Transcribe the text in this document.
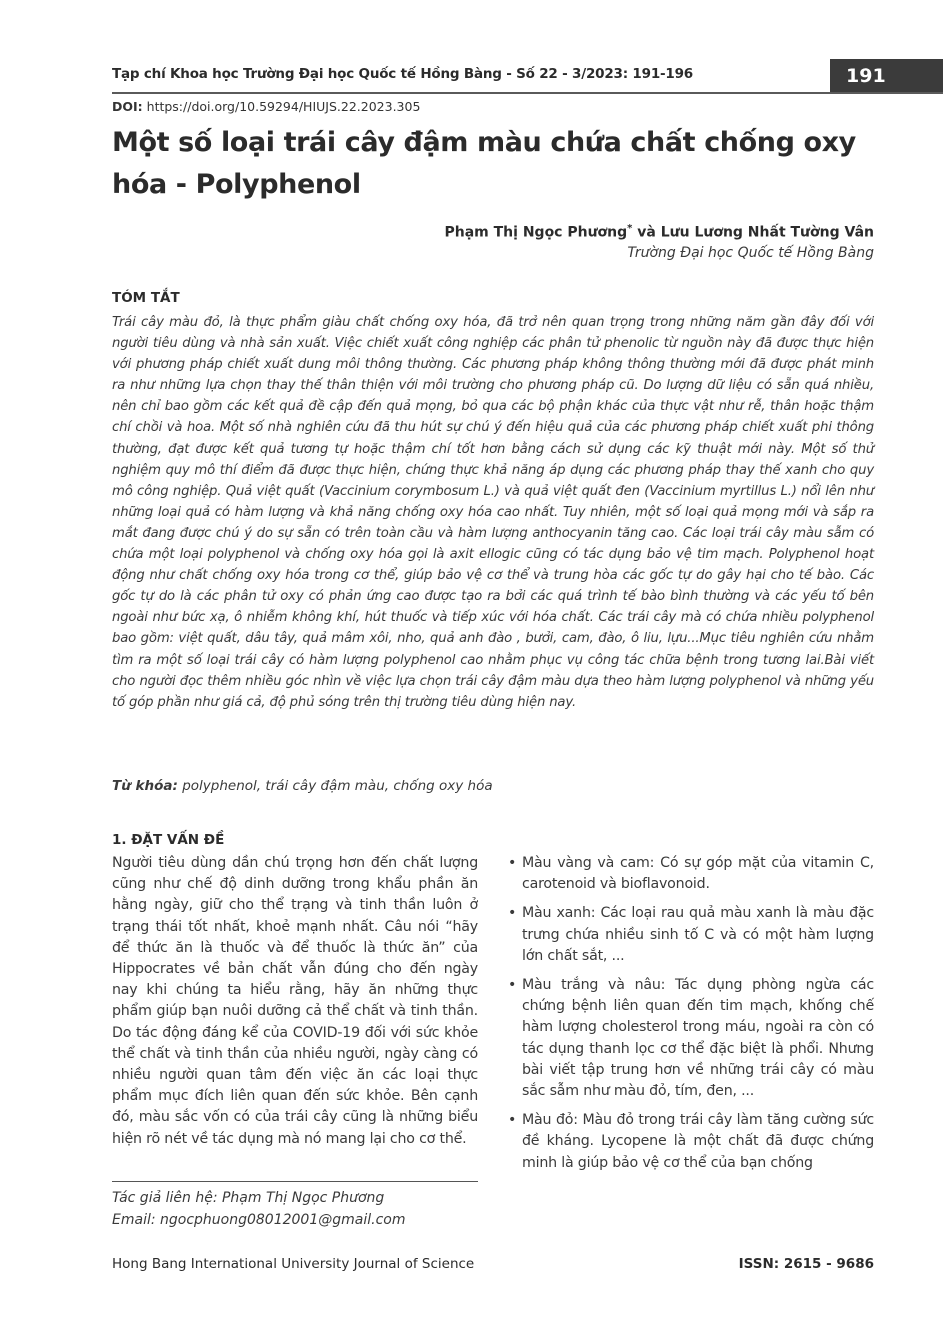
Tạp chí Khoa học Trường Đại học Quốc tế Hồng Bàng - Số 22 - 3/2023: 191-196	191
DOI: https://doi.org/10.59294/HIUJS.22.2023.305
Một số loại trái cây đậm màu chứa chất chống oxy hóa - Polyphenol
Phạm Thị Ngọc Phương* và Lưu Lương Nhất Tường Vân
Trường Đại học Quốc tế Hồng Bàng
TÓM TẮT
Trái cây màu đỏ, là thực phẩm giàu chất chống oxy hóa, đã trở nên quan trọng trong những năm gần đây đối với người tiêu dùng và nhà sản xuất. Việc chiết xuất công nghiệp các phân tử phenolic từ nguồn này đã được thực hiện với phương pháp chiết xuất dung môi thông thường. Các phương pháp không thông thường mới đã được phát minh ra như những lựa chọn thay thế thân thiện với môi trường cho phương pháp cũ. Do lượng dữ liệu có sẵn quá nhiều, nên chỉ bao gồm các kết quả đề cập đến quả mọng, bỏ qua các bộ phận khác của thực vật như rễ, thân hoặc thậm chí chồi và hoa. Một số nhà nghiên cứu đã thu hút sự chú ý đến hiệu quả của các phương pháp chiết xuất phi thông thường, đạt được kết quả tương tự hoặc thậm chí tốt hơn bằng cách sử dụng các kỹ thuật mới này. Một số thử nghiệm quy mô thí điểm đã được thực hiện, chứng thực khả năng áp dụng các phương pháp thay thế xanh cho quy mô công nghiệp. Quả việt quất (Vaccinium corymbosum L.) và quả việt quất đen (Vaccinium myrtillus L.) nổi lên như những loại quả có hàm lượng và khả năng chống oxy hóa cao nhất. Tuy nhiên, một số loại quả mọng mới và sắp ra mắt đang được chú ý do sự sẵn có trên toàn cầu và hàm lượng anthocyanin tăng cao. Các loại trái cây màu sẫm có chứa một loại polyphenol và chống oxy hóa gọi là axit ellogic cũng có tác dụng bảo vệ tim mạch. Polyphenol hoạt động như chất chống oxy hóa trong cơ thể, giúp bảo vệ cơ thể và trung hòa các gốc tự do gây hại cho tế bào. Các gốc tự do là các phân tử oxy có phản ứng cao được tạo ra bởi các quá trình tế bào bình thường và các yếu tố bên ngoài như bức xạ, ô nhiễm không khí, hút thuốc và tiếp xúc với hóa chất. Các trái cây mà có chứa nhiều polyphenol bao gồm: việt quất, dâu tây, quả mâm xôi, nho, quả anh đào , bưởi, cam, đào, ô liu, lựu...Mục tiêu nghiên cứu nhằm tìm ra một số loại trái cây có hàm lượng polyphenol cao nhằm phục vụ công tác chữa bệnh trong tương lai.Bài viết cho người đọc thêm nhiều góc nhìn về việc lựa chọn trái cây đậm màu dựa theo hàm lượng polyphenol và những yếu tố góp phần như giá cả, độ phủ sóng trên thị trường tiêu dùng hiện nay.
Từ khóa: polyphenol, trái cây đậm màu, chống oxy hóa
1. ĐẶT VẤN ĐỀ
Người tiêu dùng dần chú trọng hơn đến chất lượng cũng như chế độ dinh dưỡng trong khẩu phần ăn hằng ngày, giữ cho thể trạng và tinh thần luôn ở trạng thái tốt nhất, khoẻ mạnh nhất. Câu nói “hãy để thức ăn là thuốc và để thuốc là thức ăn” của Hippocrates về bản chất vẫn đúng cho đến ngày nay khi chúng ta hiểu rằng, hãy ăn những thực phẩm giúp bạn nuôi dưỡng cả thể chất và tinh thần. Do tác động đáng kể của COVID-19 đối với sức khỏe thể chất và tinh thần của nhiều người, ngày càng có nhiều người quan tâm đến việc ăn các loại thực phẩm mục đích liên quan đến sức khỏe. Bên cạnh đó, màu sắc vốn có của trái cây cũng là những biểu hiện rõ nét về tác dụng mà nó mang lại cho cơ thể.
• Màu vàng và cam: Có sự góp mặt của vitamin C, carotenoid và bioflavonoid.
• Màu xanh: Các loại rau quả màu xanh là màu đặc trưng chứa nhiều sinh tố C và có một hàm lượng lớn chất sắt, ...
• Màu trắng và nâu: Tác dụng phòng ngừa các chứng bệnh liên quan đến tim mạch, khống chế hàm lượng cholesterol trong máu, ngoài ra còn có tác dụng thanh lọc cơ thể đặc biệt là phổi. Nhưng bài viết tập trung hơn về những trái cây có màu sắc sẫm như màu đỏ, tím, đen, ...
• Màu đỏ: Màu đỏ trong trái cây làm tăng cường sức đề kháng. Lycopene là một chất đã được chứng minh là giúp bảo vệ cơ thể của bạn chống
Tác giả liên hệ: Phạm Thị Ngọc Phương
Email: ngocphuong08012001@gmail.com
Hong Bang International University Journal of Science	ISSN: 2615 - 9686
